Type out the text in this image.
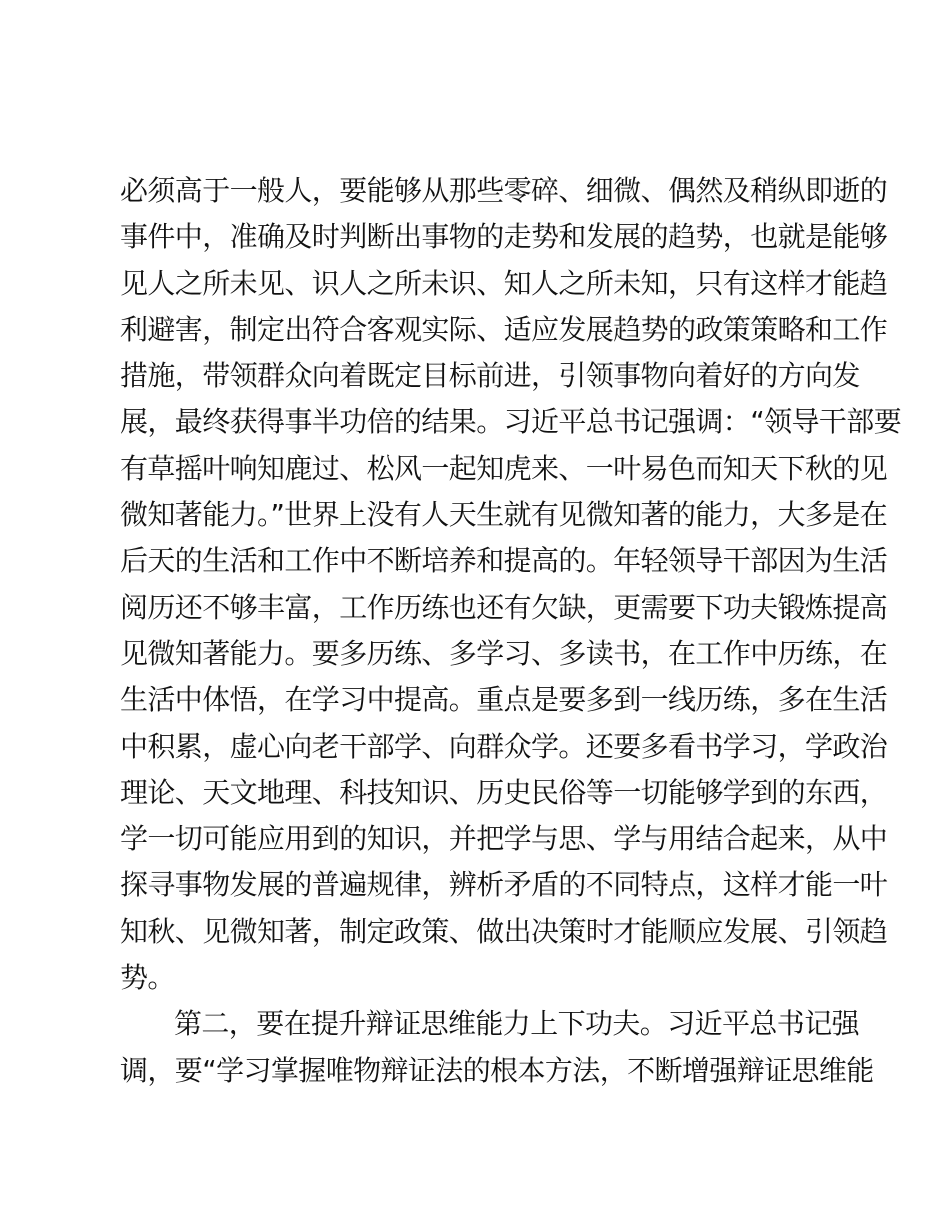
必须高于一般人，要能够从那些零碎、细微、偶然及稍纵即逝的
事件中，准确及时判断出事物的走势和发展的趋势，也就是能够
见人之所未见、识人之所未识、知人之所未知，只有这样才能趋
利避害，制定出符合客观实际、适应发展趋势的政策策略和工作
措施，带领群众向着既定目标前进，引领事物向着好的方向发
展，最终获得事半功倍的结果。习近平总书记强调：“领导干部要
有草摇叶响知鹿过、松风一起知虎来、一叶易色而知天下秋的见
微知著能力。”世界上没有人天生就有见微知著的能力，大多是在
后天的生活和工作中不断培养和提高的。年轻领导干部因为生活
阅历还不够丰富，工作历练也还有欠缺，更需要下功夫锻炼提高
见微知著能力。要多历练、多学习、多读书，在工作中历练，在
生活中体悟，在学习中提高。重点是要多到一线历练，多在生活
中积累，虚心向老干部学、向群众学。还要多看书学习，学政治
理论、天文地理、科技知识、历史民俗等一切能够学到的东西，
学一切可能应用到的知识，并把学与思、学与用结合起来，从中
探寻事物发展的普遍规律，辨析矛盾的不同特点，这样才能一叶
知秋、见微知著，制定政策、做出决策时才能顺应发展、引领趋
势。
第二，要在提升辩证思维能力上下功夫。习近平总书记强
调，要“学习掌握唯物辩证法的根本方法，不断增强辩证思维能
